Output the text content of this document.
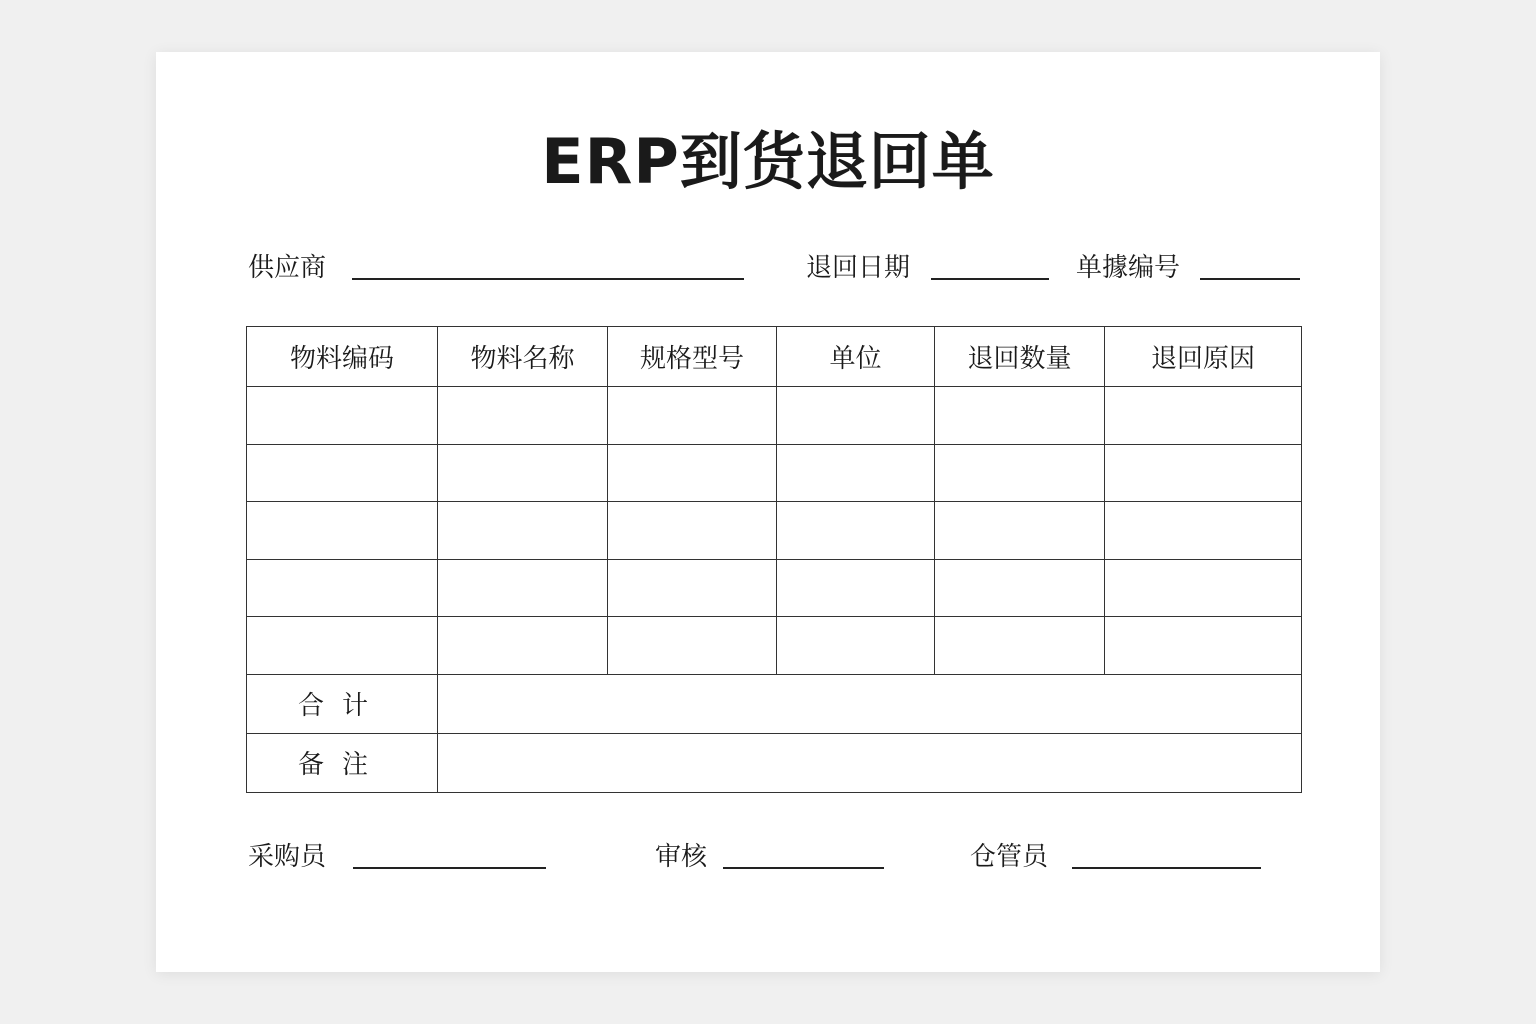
ERP到货退回单
供应商	退回日期	单據编号
物料编码	物料名称	规格型号	单位	退回数量	退回原因

合计					
备注					
采购员	审核	仓管员
